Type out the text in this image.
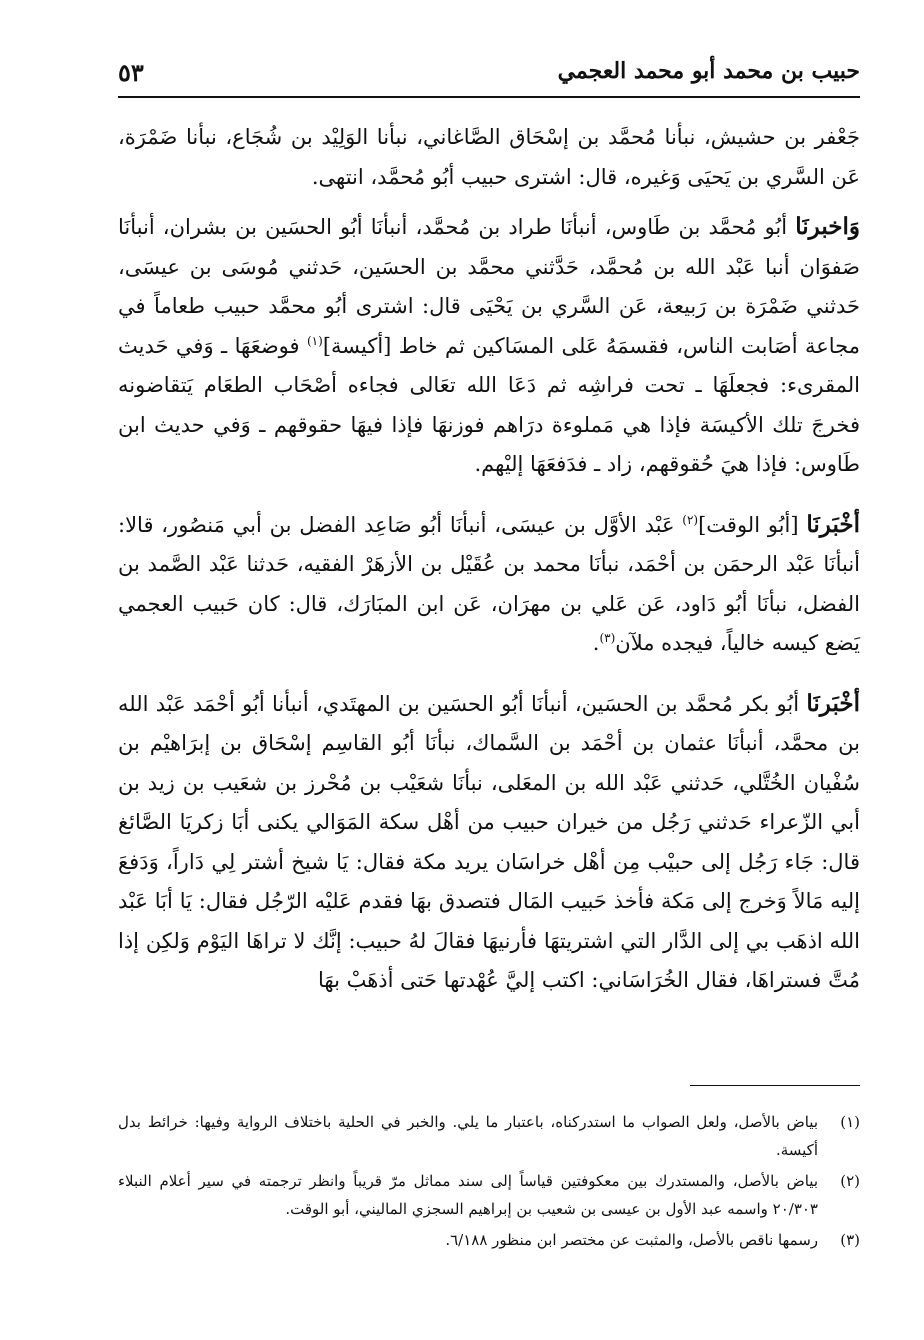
حبيب بن محمد أبو محمد العجمي
٥٣

جَعْفر بن حشيش، نبأنا مُحمَّد بن إسْحَاق الصَّاغاني، نبأنا الوَلِيْد بن شُجَاع، نبأنا ضَمْرَة، عَن السَّري بن يَحيَى وَغيره، قال: اشترى حبيب أبُو مُحمَّد، انتهى.

وَاخبرنَا أبُو مُحمَّد بن طَاوس، أنبأنَا طراد بن مُحمَّد، أنبأنَا أبُو الحسَين بن بشران، أنبأنَا صَفوَان أنبا عَبْد الله بن مُحمَّد، حَدَّثني محمَّد بن الحسَين، حَدثني مُوسَى بن عيسَى، حَدثني ضَمْرَة بن رَبيعة، عَن السَّري بن يَحْيَى قال: اشترى أبُو محمَّد حبيب طعاماً في مجاعة أصَابت الناس، فقسمَهُ عَلى المسَاكين ثم خاط [أكيسة]$^{(١)}$ فوضعَهَا ـ وَفي حَديث المقرىء: فجعلَهَا ـ تحت فراشِه ثم دَعَا الله تعَالى فجاءه أصْحَاب الطعَام يَتقاضونه فخرجَ تلك الأكيسَة فإذا هي مَملوءة درَاهم فوزنهَا فإذا فيهَا حقوقهم ـ وَفي حديث ابن طَاوس: فإذا هيَ حُقوقهم، زاد ـ فدَفعَهَا إليْهم.

أخْبَرنَا [أبُو الوقت]$^{(٢)}$ عَبْد الأوَّل بن عيسَى، أنبأنَا أبُو صَاعِد الفضل بن أبي مَنصُور، قالا: أنبأنَا عَبْد الرحمَن بن أحْمَد، نبأنَا محمد بن عُقَيْل بن الأزهَرْ الفقيه، حَدثنا عَبْد الصَّمد بن الفضل، نبأنَا أبُو دَاود، عَن عَلي بن مهرَان، عَن ابن المبَارَك، قال: كان حَبيب العجمي يَضع كيسه خالياً، فيجده ملآن$^{(٣)}$.

أخْبَرنَا أبُو بكر مُحمَّد بن الحسَين، أنبأنَا أبُو الحسَين بن المهتَدي، أنبأنا أبُو أحْمَد عَبْد الله بن محمَّد، أنبأنَا عثمان بن أحْمَد بن السَّماك، نبأنَا أبُو القاسِم إسْحَاق بن إبرَاهيْم بن سُفْيان الخُتَّلي، حَدثني عَبْد الله بن المعَلى، نبأنَا شعَيْب بن مُحْرز بن شعَيب بن زيد بن أبي الزّعراء حَدثني رَجُل من خيران حبيب من أهْل سكة المَوَالي يكنى أبَا زكريَا الصَّائغ قال: جَاء رَجُل إلى حبيْب مِن أهْل خراسَان يريد مكة فقال: يَا شيخ أشتر لِي دَاراً، وَدَفعَ إليه مَالاً وَخرج إلى مَكة فأخذ حَبيب المَال فتصدق بهَا فقدم عَليْه الرّجُل فقال: يَا أبَا عَبْد الله اذهَب بي إلى الدَّار التي اشتريتهَا فأرنيهَا فقالَ لهُ حبيب: إنَّك لا تراهَا اليَوْم وَلكِن إذا مُتَّ فستراهَا، فقال الخُرَاسَاني: اكتب إليَّ عُهْدتها حَتى أذهَبْ بهَا

(١)
بياض بالأصل، ولعل الصواب ما استدركناه، باعتبار ما يلي. والخبر في الحلية باختلاف الرواية وفيها: خرائط بدل أكيسة.
(٢)
بياض بالأصل، والمستدرك بين معكوفتين قياساً إلى سند مماثل مرّ قريباً وانظر ترجمته في سير أعلام النبلاء ٢٠/٣٠٣ واسمه عبد الأول بن عيسى بن شعيب بن إبراهيم السجزي الماليني، أبو الوقت.
(٣)
رسمها ناقص بالأصل، والمثبت عن مختصر ابن منظور ٦/١٨٨.
